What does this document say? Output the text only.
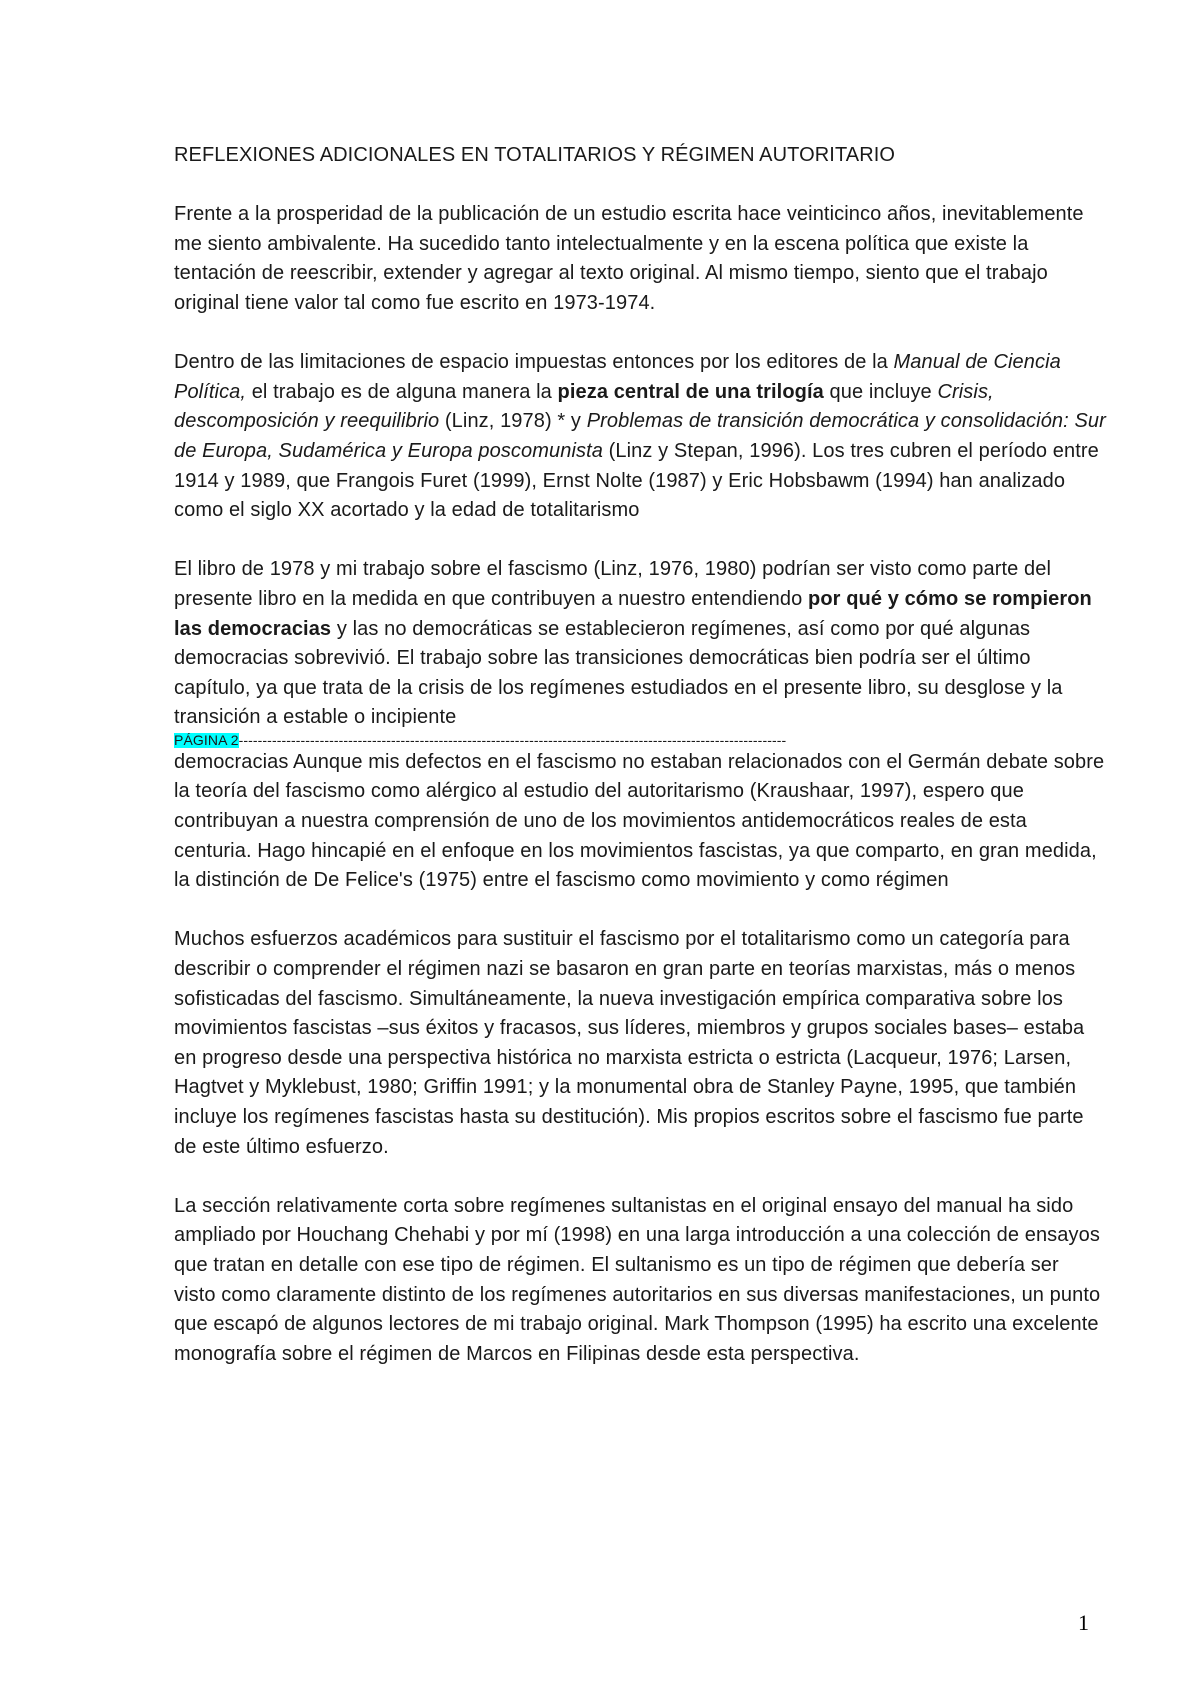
REFLEXIONES ADICIONALES EN TOTALITARIOS Y RÉGIMEN AUTORITARIO

Frente a la prosperidad de la publicación de un estudio escrita hace veinticinco años, inevitablemente me siento ambivalente. Ha sucedido tanto intelectualmente y en la escena política que existe la tentación de reescribir, extender y agregar al texto original. Al mismo tiempo, siento que el trabajo original tiene valor tal como fue escrito en 1973-1974.

Dentro de las limitaciones de espacio impuestas entonces por los editores de la Manual de Ciencia Política, el trabajo es de alguna manera la pieza central de una trilogía que incluye Crisis, descomposición y reequilibrio (Linz, 1978) * y Problemas de transición democrática y consolidación: Sur de Europa, Sudamérica y Europa poscomunista (Linz y Stepan, 1996). Los tres cubren el período entre 1914 y 1989, que Frangois Furet (1999), Ernst Nolte (1987) y Eric Hobsbawm (1994) han analizado como el siglo XX acortado y la edad de totalitarismo

El libro de 1978 y mi trabajo sobre el fascismo (Linz, 1976, 1980) podrían ser visto como parte del presente libro en la medida en que contribuyen a nuestro entendiendo por qué y cómo se rompieron las democracias y las no democráticas se establecieron regímenes, así como por qué algunas democracias sobrevivió. El trabajo sobre las transiciones democráticas bien podría ser el último capítulo, ya que trata de la crisis de los regímenes estudiados en el presente libro, su desglose y la transición a estable o incipiente

PÁGINA 2-------------------------------------------------------------------------------------------------------------------

democracias Aunque mis defectos en el fascismo no estaban relacionados con el Germán debate sobre la teoría del fascismo como alérgico al estudio del autoritarismo (Kraushaar, 1997), espero que contribuyan a nuestra comprensión de uno de los movimientos antidemocráticos reales de esta centuria. Hago hincapié en el enfoque en los movimientos fascistas, ya que comparto, en gran medida, la distinción de De Felice's (1975) entre el fascismo como movimiento y como régimen

Muchos esfuerzos académicos para sustituir el fascismo por el totalitarismo como un categoría para describir o comprender el régimen nazi se basaron en gran parte en teorías marxistas, más o menos sofisticadas del fascismo. Simultáneamente, la nueva investigación empírica comparativa sobre los movimientos fascistas –sus éxitos y fracasos, sus líderes, miembros y grupos sociales bases– estaba en progreso desde una perspectiva histórica no marxista estricta o estricta (Lacqueur, 1976; Larsen, Hagtvet y Myklebust, 1980; Griffin 1991; y la monumental obra de Stanley Payne, 1995, que también incluye los regímenes fascistas hasta su destitución). Mis propios escritos sobre el fascismo fue parte de este último esfuerzo.

La sección relativamente corta sobre regímenes sultanistas en el original ensayo del manual ha sido ampliado por Houchang Chehabi y por mí (1998) en una larga introducción a una colección de ensayos que tratan en detalle con ese tipo de régimen. El sultanismo es un tipo de régimen que debería ser visto como claramente distinto de los regímenes autoritarios en sus diversas manifestaciones, un punto que escapó de algunos lectores de mi trabajo original. Mark Thompson (1995) ha escrito una excelente monografía sobre el régimen de Marcos en Filipinas desde esta perspectiva.

1
